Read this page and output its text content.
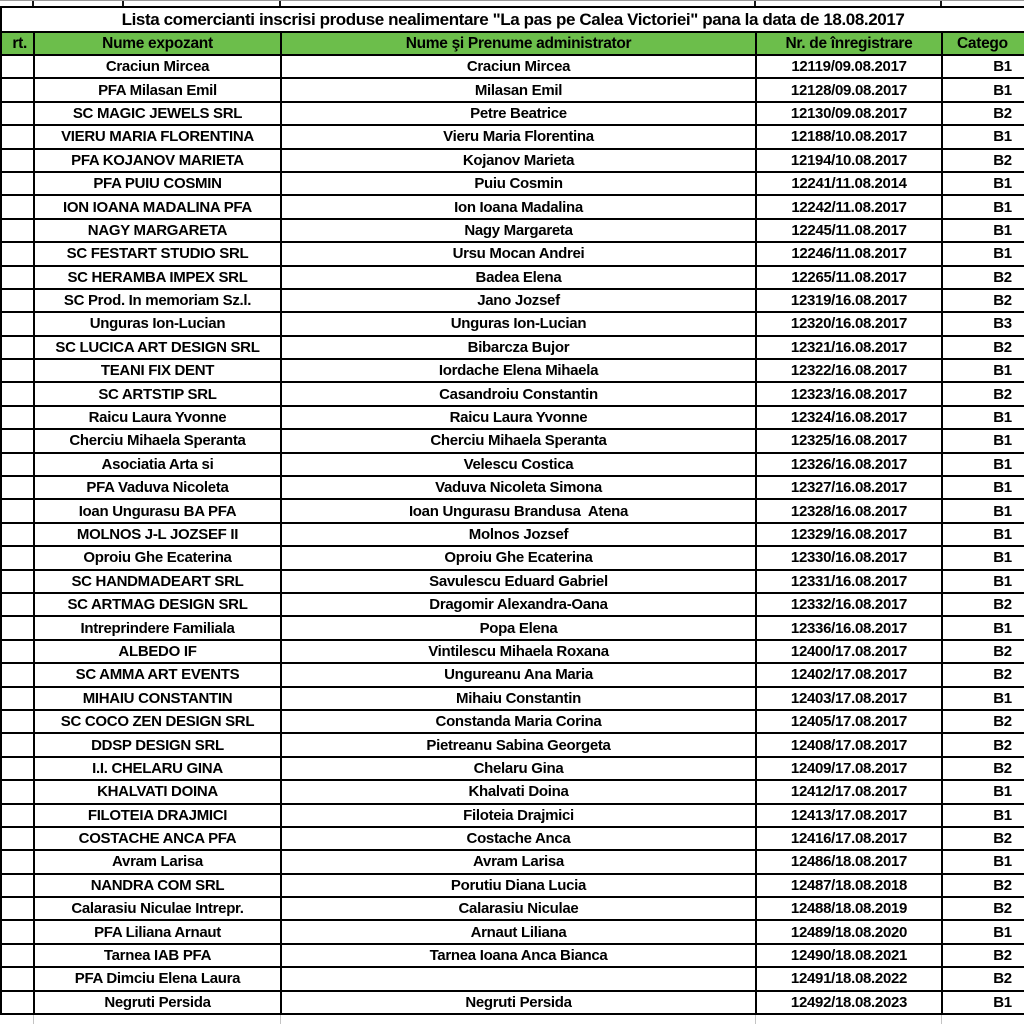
Lista comercianti inscrisi produse nealimentare "La pas pe Calea Victoriei" pana la data de 18.08.2017				
rt.	Nume expozant	Nume şi Prenume administrator	Nr. de înregistrare	Catego
	Craciun Mircea	Craciun Mircea	12119/09.08.2017	B1
	PFA Milasan Emil	Milasan Emil	12128/09.08.2017	B1
	SC MAGIC JEWELS SRL	Petre Beatrice	12130/09.08.2017	B2
	VIERU MARIA FLORENTINA	Vieru Maria Florentina	12188/10.08.2017	B1
	PFA KOJANOV MARIETA	Kojanov Marieta	12194/10.08.2017	B2
	PFA PUIU COSMIN	Puiu Cosmin	12241/11.08.2014	B1
	ION IOANA MADALINA PFA	Ion Ioana Madalina	12242/11.08.2017	B1
	NAGY MARGARETA	Nagy Margareta	12245/11.08.2017	B1
	SC FESTART STUDIO SRL	Ursu Mocan Andrei	12246/11.08.2017	B1
	SC HERAMBA IMPEX SRL	Badea Elena	12265/11.08.2017	B2
	SC Prod. In memoriam Sz.l.	Jano Jozsef	12319/16.08.2017	B2
	Unguras Ion-Lucian	Unguras Ion-Lucian	12320/16.08.2017	B3
	SC LUCICA ART DESIGN SRL	Bibarcza Bujor	12321/16.08.2017	B2
	TEANI FIX DENT	Iordache Elena Mihaela	12322/16.08.2017	B1
	SC ARTSTIP SRL	Casandroiu Constantin	12323/16.08.2017	B2
	Raicu Laura Yvonne	Raicu Laura Yvonne	12324/16.08.2017	B1
	Cherciu Mihaela Speranta	Cherciu Mihaela Speranta	12325/16.08.2017	B1
	Asociatia Arta si	Velescu Costica	12326/16.08.2017	B1
	PFA Vaduva Nicoleta	Vaduva Nicoleta Simona	12327/16.08.2017	B1
	Ioan Ungurasu BA PFA	Ioan Ungurasu Brandusa  Atena	12328/16.08.2017	B1
	MOLNOS J-L JOZSEF II	Molnos Jozsef	12329/16.08.2017	B1
	Oproiu Ghe Ecaterina	Oproiu Ghe Ecaterina	12330/16.08.2017	B1
	SC HANDMADEART SRL	Savulescu Eduard Gabriel	12331/16.08.2017	B1
	SC ARTMAG DESIGN SRL	Dragomir Alexandra-Oana	12332/16.08.2017	B2
	Intreprindere Familiala	Popa Elena	12336/16.08.2017	B1
	ALBEDO IF	Vintilescu Mihaela Roxana	12400/17.08.2017	B2
	SC AMMA ART EVENTS	Ungureanu Ana Maria	12402/17.08.2017	B2
	MIHAIU CONSTANTIN	Mihaiu Constantin	12403/17.08.2017	B1
	SC COCO ZEN DESIGN SRL	Constanda Maria Corina	12405/17.08.2017	B2
	DDSP DESIGN SRL	Pietreanu Sabina Georgeta	12408/17.08.2017	B2
	I.I. CHELARU GINA	Chelaru Gina	12409/17.08.2017	B2
	KHALVATI DOINA	Khalvati Doina	12412/17.08.2017	B1
	FILOTEIA DRAJMICI	Filoteia Drajmici	12413/17.08.2017	B1
	COSTACHE ANCA PFA	Costache Anca	12416/17.08.2017	B2
	Avram Larisa	Avram Larisa	12486/18.08.2017	B1
	NANDRA COM SRL	Porutiu Diana Lucia	12487/18.08.2018	B2
	Calarasiu Niculae Intrepr.	Calarasiu Niculae	12488/18.08.2019	B2
	PFA Liliana Arnaut	Arnaut Liliana	12489/18.08.2020	B1
	Tarnea IAB PFA	Tarnea Ioana Anca Bianca	12490/18.08.2021	B2
	PFA Dimciu Elena Laura		12491/18.08.2022	B2
	Negruti Persida	Negruti Persida	12492/18.08.2023	B1
